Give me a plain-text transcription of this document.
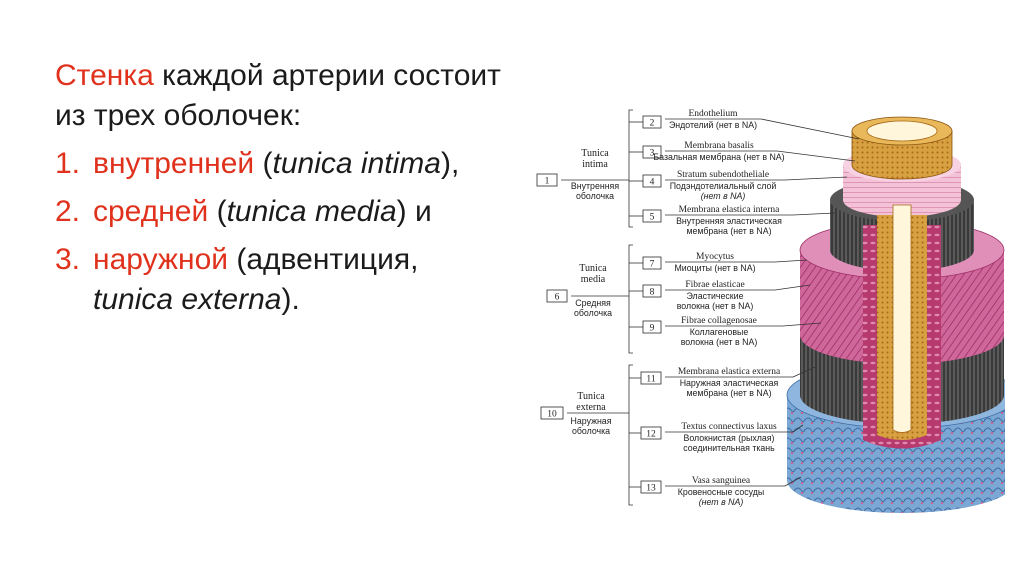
Стенка каждой артерии состоит
из трех оболочек:
1. внутренней (tunica intima),
2. средней (tunica media) и
3. наружной (адвентиция,
tunica externa).
1
Tunica
intima
Внутренняя
оболочка
6
Tunica
media
Средняя
оболочка
10
Tunica
externa
Наружная
оболочка
2
Endothelium
Эндотелий (нет в NA)
3
Membrana basalis
Базальная мембрана (нет в NA)
4
Stratum subendotheliale
Подэндотелиальный слой
(нет в NA)
5
Membrana elastica interna
Внутренняя эластическая
мембрана (нет в NA)
7
Myocytus
Миоциты (нет в NA)
8
Fibrae elasticae
Эластические
волокна (нет в NA)
9
Fibrae collagenosae
Коллагеновые
волокна (нет в NA)
11
Membrana elastica externa
Наружная эластическая
мембрана (нет в NA)
12
Textus connectivus laxus
Волокнистая (рыхлая)
соединительная ткань
13
Vasa sanguinea
Кровеносные сосуды
(нет в NA)
